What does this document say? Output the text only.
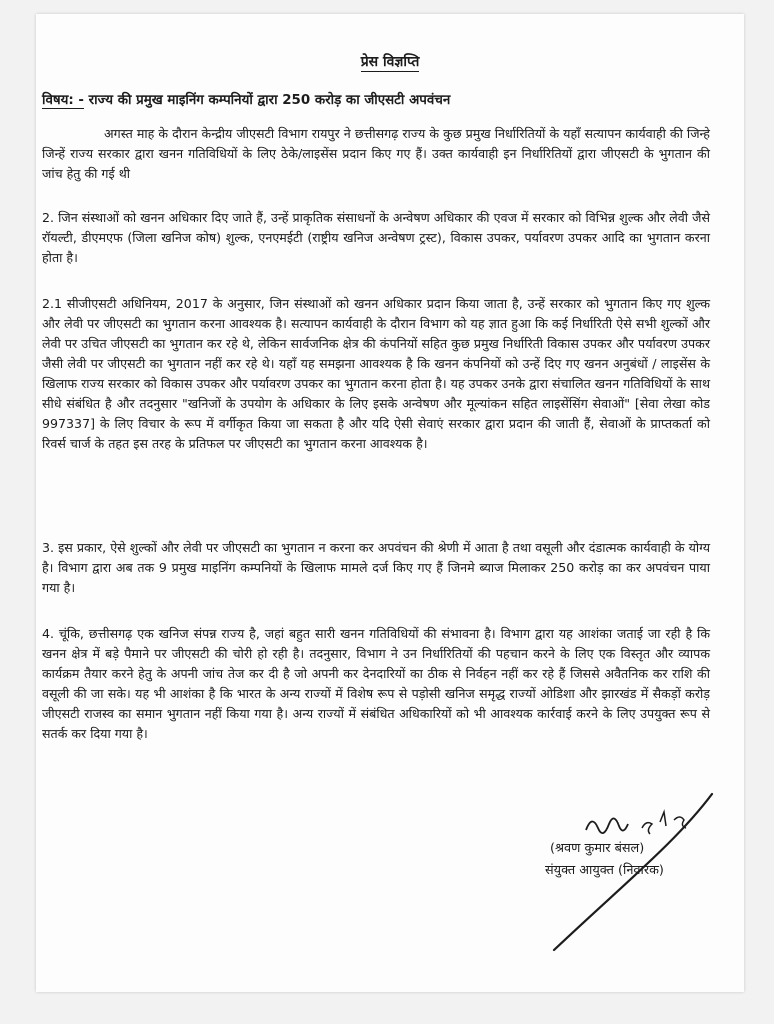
प्रेस विज्ञप्ति
विषय: - राज्य की प्रमुख माइनिंग कम्पनियों द्वारा 250 करोड़ का जीएसटी अपवंचन

अगस्त माह के दौरान केन्द्रीय जीएसटी विभाग रायपुर ने छत्तीसगढ़ राज्य के कुछ प्रमुख निर्धारितियों के यहाँ सत्यापन कार्यवाही की जिन्हे जिन्हें राज्य सरकार द्वारा खनन गतिविधियों के लिए ठेके/लाइसेंस प्रदान किए गए हैं। उक्त कार्यवाही इन निर्धारितियों द्वारा जीएसटी के भुगतान की जांच हेतु की गई थी

2. जिन संस्थाओं को खनन अधिकार दिए जाते हैं, उन्हें प्राकृतिक संसाधनों के अन्वेषण अधिकार की एवज में सरकार को विभिन्न शुल्क और लेवी जैसे रॉयल्टी, डीएमएफ (जिला खनिज कोष) शुल्क, एनएमईटी (राष्ट्रीय खनिज अन्वेषण ट्रस्ट), विकास उपकर, पर्यावरण उपकर आदि का भुगतान करना होता है।

2.1 सीजीएसटी अधिनियम, 2017 के अनुसार, जिन संस्थाओं को खनन अधिकार प्रदान किया जाता है, उन्हें सरकार को भुगतान किए गए शुल्क और लेवी पर जीएसटी का भुगतान करना आवश्यक है। सत्यापन कार्यवाही के दौरान विभाग को यह ज्ञात हुआ कि कई निर्धारिती ऐसे सभी शुल्कों और लेवी पर उचित जीएसटी का भुगतान कर रहे थे, लेकिन सार्वजनिक क्षेत्र की कंपनियों सहित कुछ प्रमुख निर्धारिती विकास उपकर और पर्यावरण उपकर जैसी लेवी पर जीएसटी का भुगतान नहीं कर रहे थे। यहाँ यह समझना आवश्यक है कि खनन कंपनियों को उन्हें दिए गए खनन अनुबंधों / लाइसेंस के खिलाफ राज्य सरकार को विकास उपकर और पर्यावरण उपकर का भुगतान करना होता है। यह उपकर उनके द्वारा संचालित खनन गतिविधियों के साथ सीधे संबंधित है और तदनुसार "खनिजों के उपयोग के अधिकार के लिए इसके अन्वेषण और मूल्यांकन सहित लाइसेंसिंग सेवाओं" [सेवा लेखा कोड 997337] के लिए विचार के रूप में वर्गीकृत किया जा सकता है और यदि ऐसी सेवाएं सरकार द्वारा प्रदान की जाती हैं, सेवाओं के प्राप्तकर्ता को रिवर्स चार्ज के तहत इस तरह के प्रतिफल पर जीएसटी का भुगतान करना आवश्यक है।

3. इस प्रकार, ऐसे शुल्कों और लेवी पर जीएसटी का भुगतान न करना कर अपवंचन की श्रेणी में आता है तथा वसूली और दंडात्मक कार्यवाही के योग्य है। विभाग द्वारा अब तक 9 प्रमुख माइनिंग कम्पनियों के खिलाफ मामले दर्ज किए गए हैं जिनमे ब्याज मिलाकर 250 करोड़ का कर अपवंचन पाया गया है।

4. चूंकि, छत्तीसगढ़ एक खनिज संपन्न राज्य है, जहां बहुत सारी खनन गतिविधियों की संभावना है। विभाग द्वारा यह आशंका जताई जा रही है कि खनन क्षेत्र में बड़े पैमाने पर जीएसटी की चोरी हो रही है। तदनुसार, विभाग ने उन निर्धारितियों की पहचान करने के लिए एक विस्तृत और व्यापक कार्यक्रम तैयार करने हेतु के अपनी जांच तेज कर दी है जो अपनी कर देनदारियों का ठीक से निर्वहन नहीं कर रहे हैं जिससे अवैतनिक कर राशि की वसूली की जा सके। यह भी आशंका है कि भारत के अन्य राज्यों में विशेष रूप से पड़ोसी खनिज समृद्ध राज्यों ओडिशा और झारखंड में सैकड़ों करोड़ जीएसटी राजस्व का समान भुगतान नहीं किया गया है। अन्य राज्यों में संबंधित अधिकारियों को भी आवश्यक कार्रवाई करने के लिए उपयुक्त रूप से सतर्क कर दिया गया है।

(श्रवण कुमार बंसल)
संयुक्त आयुक्त (निवारक)
